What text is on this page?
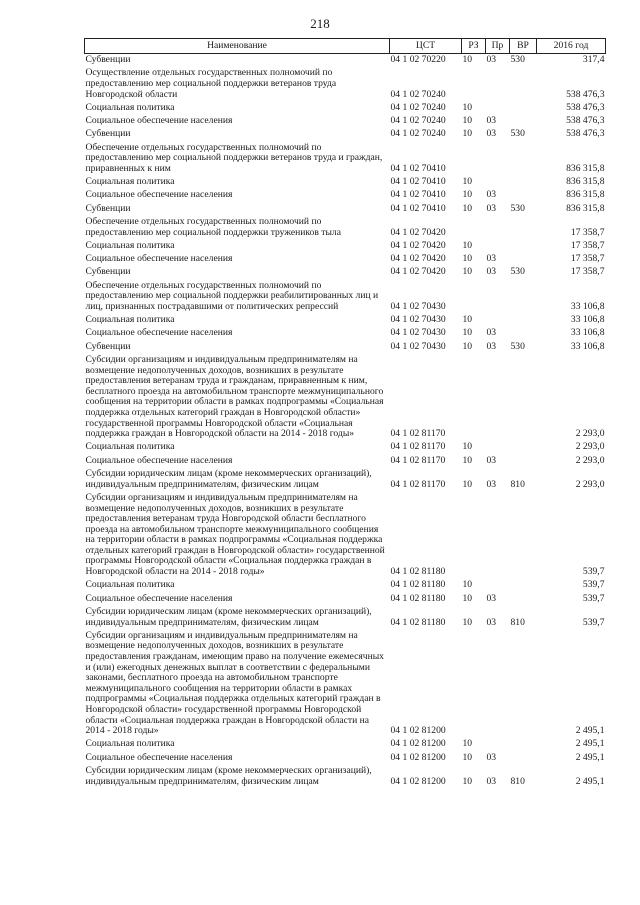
218
Наименование	ЦСТ	РЗ	Пр	ВР	2016 год
Субвенции	04 1 02 70220	10	03	530	317,4
Осуществление отдельных государственных полномочий по предоставлению мер социальной поддержки ветеранов труда Новгородской области	04 1 02 70240				538 476,3
Социальная политика	04 1 02 70240	10			538 476,3
Социальное обеспечение населения	04 1 02 70240	10	03		538 476,3
Субвенции	04 1 02 70240	10	03	530	538 476,3
Обеспечение отдельных государственных полномочий по предоставлению мер социальной поддержки ветеранов труда и граждан, приравненных к ним	04 1 02 70410				836 315,8
Социальная политика	04 1 02 70410	10			836 315,8
Социальное обеспечение населения	04 1 02 70410	10	03		836 315,8
Субвенции	04 1 02 70410	10	03	530	836 315,8
Обеспечение отдельных государственных полномочий по предоставлению мер социальной поддержки тружеников тыла	04 1 02 70420				17 358,7
Социальная политика	04 1 02 70420	10			17 358,7
Социальное обеспечение населения	04 1 02 70420	10	03		17 358,7
Субвенции	04 1 02 70420	10	03	530	17 358,7
Обеспечение отдельных государственных полномочий по предоставлению мер социальной поддержки реабилитированных лиц и лиц, признанных пострадавшими от политических репрессий	04 1 02 70430				33 106,8
Социальная политика	04 1 02 70430	10			33 106,8
Социальное обеспечение населения	04 1 02 70430	10	03		33 106,8
Субвенции	04 1 02 70430	10	03	530	33 106,8
Субсидии организациям и индивидуальным предпринимателям на возмещение недополученных доходов, возникших в результате предоставления ветеранам труда и гражданам, приравненным к ним, бесплатного проезда на автомобильном транспорте межмуниципального сообщения на территории области в рамках подпрограммы «Социальная поддержка отдельных категорий граждан в Новгородской области» государственной программы Новгородской области «Социальная поддержка граждан в Новгородской области на 2014 - 2018 годы»	04 1 02 81170				2 293,0
Социальная политика	04 1 02 81170	10			2 293,0
Социальное обеспечение населения	04 1 02 81170	10	03		2 293,0
Субсидии юридическим лицам (кроме некоммерческих организаций), индивидуальным предпринимателям, физическим лицам	04 1 02 81170	10	03	810	2 293,0
Субсидии организациям и индивидуальным предпринимателям на возмещение недополученных доходов, возникших в результате предоставления ветеранам труда Новгородской области бесплатного проезда на автомобильном транспорте межмуниципального сообщения на территории области в рамках подпрограммы «Социальная поддержка отдельных категорий граждан в Новгородской области» государственной программы Новгородской области «Социальная поддержка граждан в Новгородской области на 2014 - 2018 годы»	04 1 02 81180				539,7
Социальная политика	04 1 02 81180	10			539,7
Социальное обеспечение населения	04 1 02 81180	10	03		539,7
Субсидии юридическим лицам (кроме некоммерческих организаций), индивидуальным предпринимателям, физическим лицам	04 1 02 81180	10	03	810	539,7
Субсидии организациям и индивидуальным предпринимателям на возмещение недополученных доходов, возникших в результате предоставления гражданам, имеющим право на получение ежемесячных и (или) ежегодных денежных выплат в соответствии с федеральными законами, бесплатного проезда на автомобильном транспорте межмуниципального сообщения на территории области в рамках подпрограммы «Социальная поддержка отдельных категорий граждан в Новгородской области» государственной программы Новгородской области «Социальная поддержка граждан в Новгородской области на 2014 - 2018 годы»	04 1 02 81200				2 495,1
Социальная политика	04 1 02 81200	10			2 495,1
Социальное обеспечение населения	04 1 02 81200	10	03		2 495,1
Субсидии юридическим лицам (кроме некоммерческих организаций), индивидуальным предпринимателям, физическим лицам	04 1 02 81200	10	03	810	2 495,1
